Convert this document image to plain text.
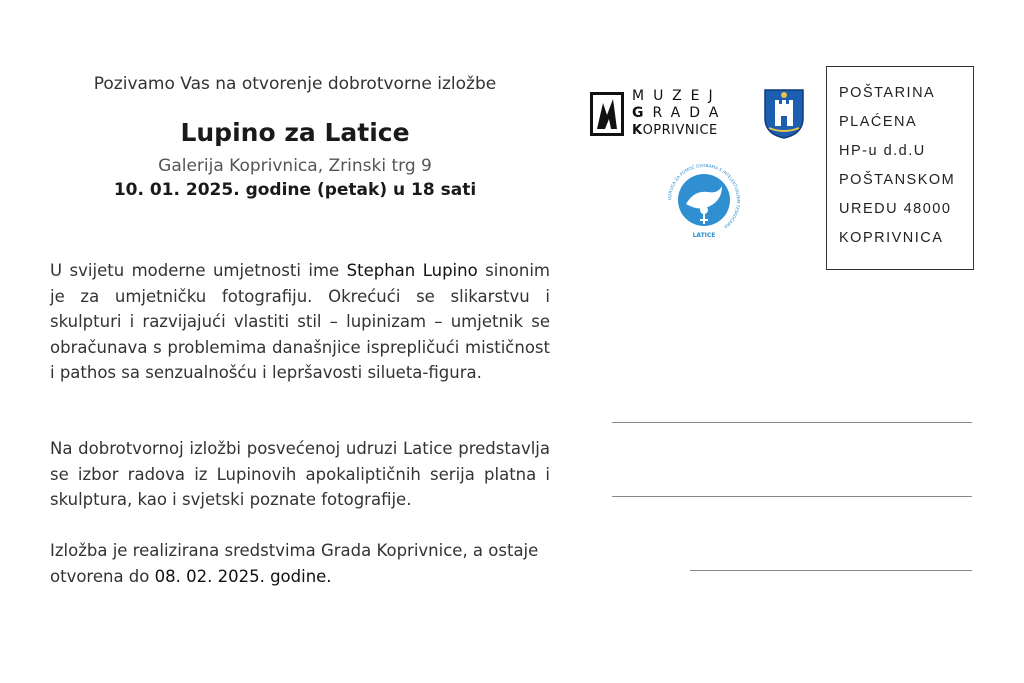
Pozivamo Vas na otvorenje dobrotvorne izložbe
Lupino za Latice
Galerija Koprivnica, Zrinski trg 9
10. 01. 2025. godine (petak) u 18 sati
U svijetu moderne umjetnosti ime Stephan Lupino sinonim je za umjetničku fotografiju. Okrećući se slikarstvu i skulpturi i razvijajući vlastiti stil – lupinizam – umjetnik se obračunava s problemima današnjice isprepličući mističnost i pathos sa senzualnošću i lepršavosti silueta-figura.
Na dobrotvornoj izložbi posvećenoj udruzi Latice predstavlja se izbor radova iz Lupinovih apokaliptičnih serija platna i skulptura, kao i svjetski poznate fotografije.
Izložba je realizirana sredstvima Grada Koprivnice, a ostaje otvorena do 08. 02. 2025. godine.
MUZEJ
GRADA
KOPRIVNICE
UDRUGA ZA POMOĆ OSOBAMA S INTELEKTUALNIM TEŠKOĆAMA
LATICE
POŠTARINA
PLAĆENA
HP-u d.d.U
POŠTANSKOM
UREDU 48000
KOPRIVNICA
